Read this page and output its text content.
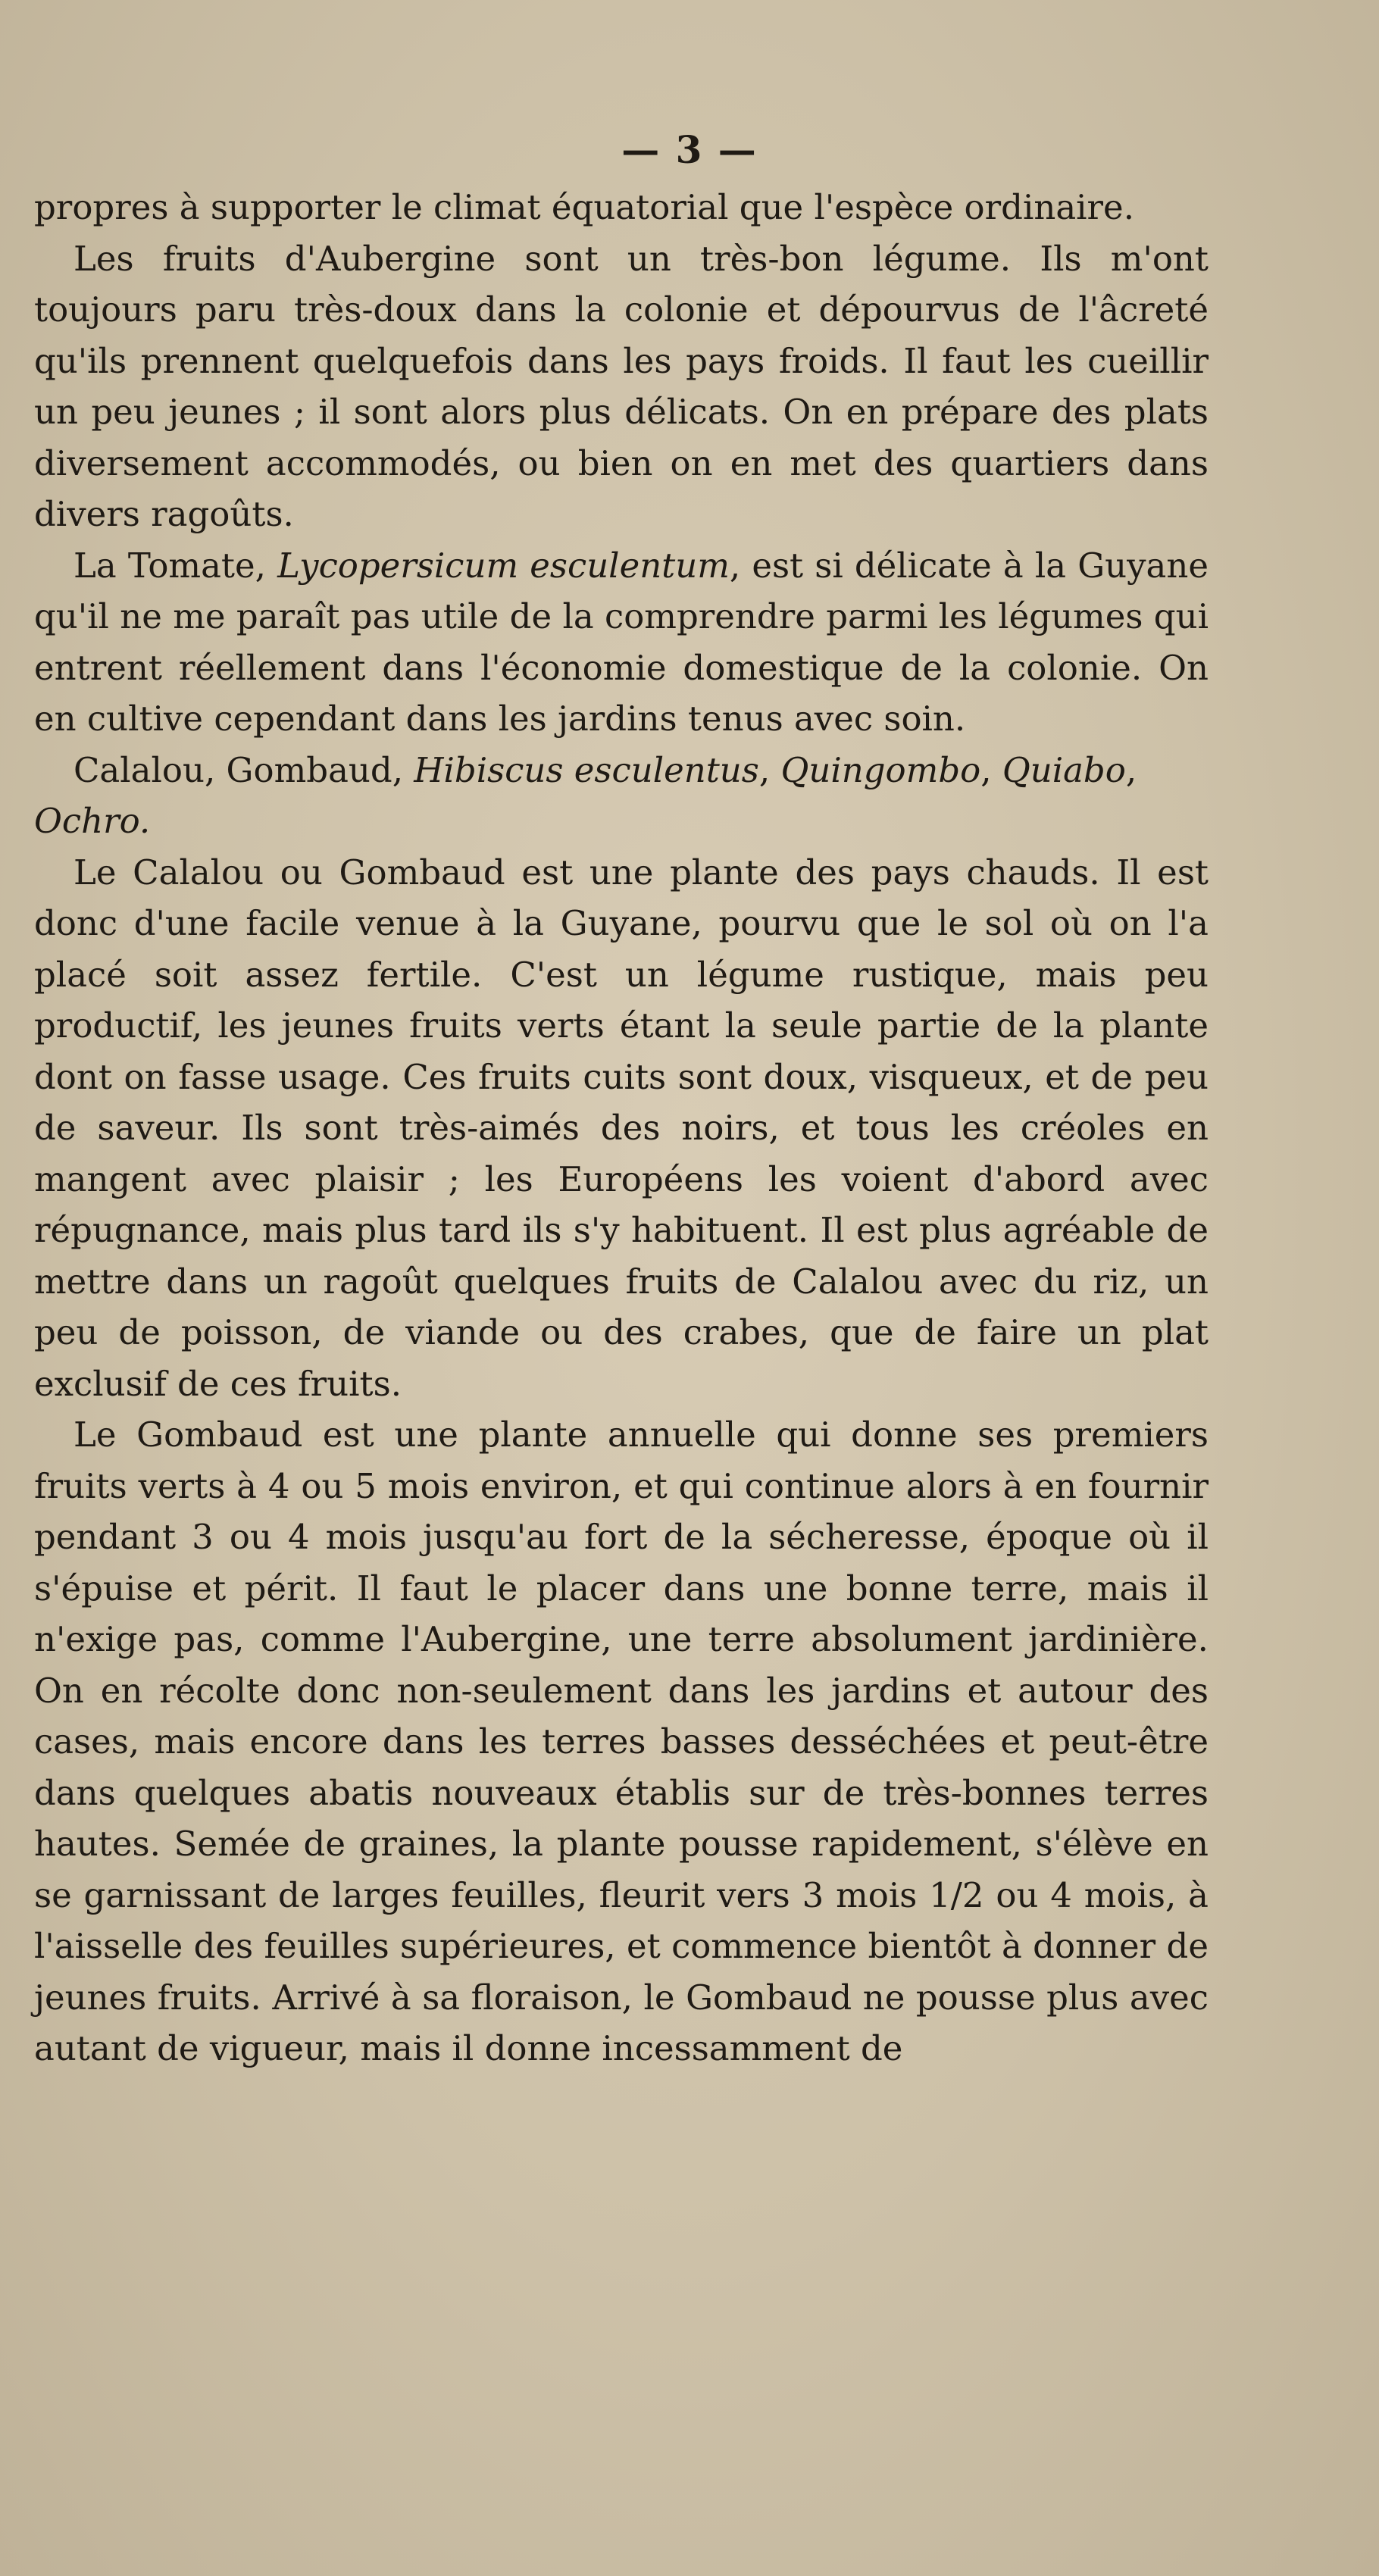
— 3 —

propres à supporter le climat équatorial que l'espèce ordinaire.

Les fruits d'Aubergine sont un très-bon légume. Ils m'ont toujours paru très-doux dans la colonie et dépourvus de l'âcreté qu'ils prennent quelquefois dans les pays froids. Il faut les cueillir un peu jeunes ; il sont alors plus délicats. On en prépare des plats diversement accommodés, ou bien on en met des quartiers dans divers ragoûts.

La Tomate, Lycopersicum esculentum, est si délicate à la Guyane qu'il ne me paraît pas utile de la comprendre parmi les légumes qui entrent réellement dans l'économie domestique de la colonie. On en cultive cependant dans les jardins tenus avec soin.

Calalou, Gombaud, Hibiscus esculentus, Quingombo, Quiabo, Ochro.

Le Calalou ou Gombaud est une plante des pays chauds. Il est donc d'une facile venue à la Guyane, pourvu que le sol où on l'a placé soit assez fertile. C'est un légume rustique, mais peu productif, les jeunes fruits verts étant la seule partie de la plante dont on fasse usage. Ces fruits cuits sont doux, visqueux, et de peu de saveur. Ils sont très-aimés des noirs, et tous les créoles en mangent avec plaisir ; les Européens les voient d'abord avec répugnance, mais plus tard ils s'y habituent. Il est plus agréable de mettre dans un ragoût quelques fruits de Calalou avec du riz, un peu de poisson, de viande ou des crabes, que de faire un plat exclusif de ces fruits.

Le Gombaud est une plante annuelle qui donne ses premiers fruits verts à 4 ou 5 mois environ, et qui continue alors à en fournir pendant 3 ou 4 mois jusqu'au fort de la sécheresse, époque où il s'épuise et périt. Il faut le placer dans une bonne terre, mais il n'exige pas, comme l'Aubergine, une terre absolument jardinière. On en récolte donc non-seulement dans les jardins et autour des cases, mais encore dans les terres basses desséchées et peut-être dans quelques abatis nouveaux établis sur de très-bonnes terres hautes. Semée de graines, la plante pousse rapidement, s'élève en se garnissant de larges feuilles, fleurit vers 3 mois 1/2 ou 4 mois, à l'aisselle des feuilles supérieures, et commence bientôt à donner de jeunes fruits. Arrivé à sa floraison, le Gombaud ne pousse plus avec autant de vigueur, mais il donne incessamment de
